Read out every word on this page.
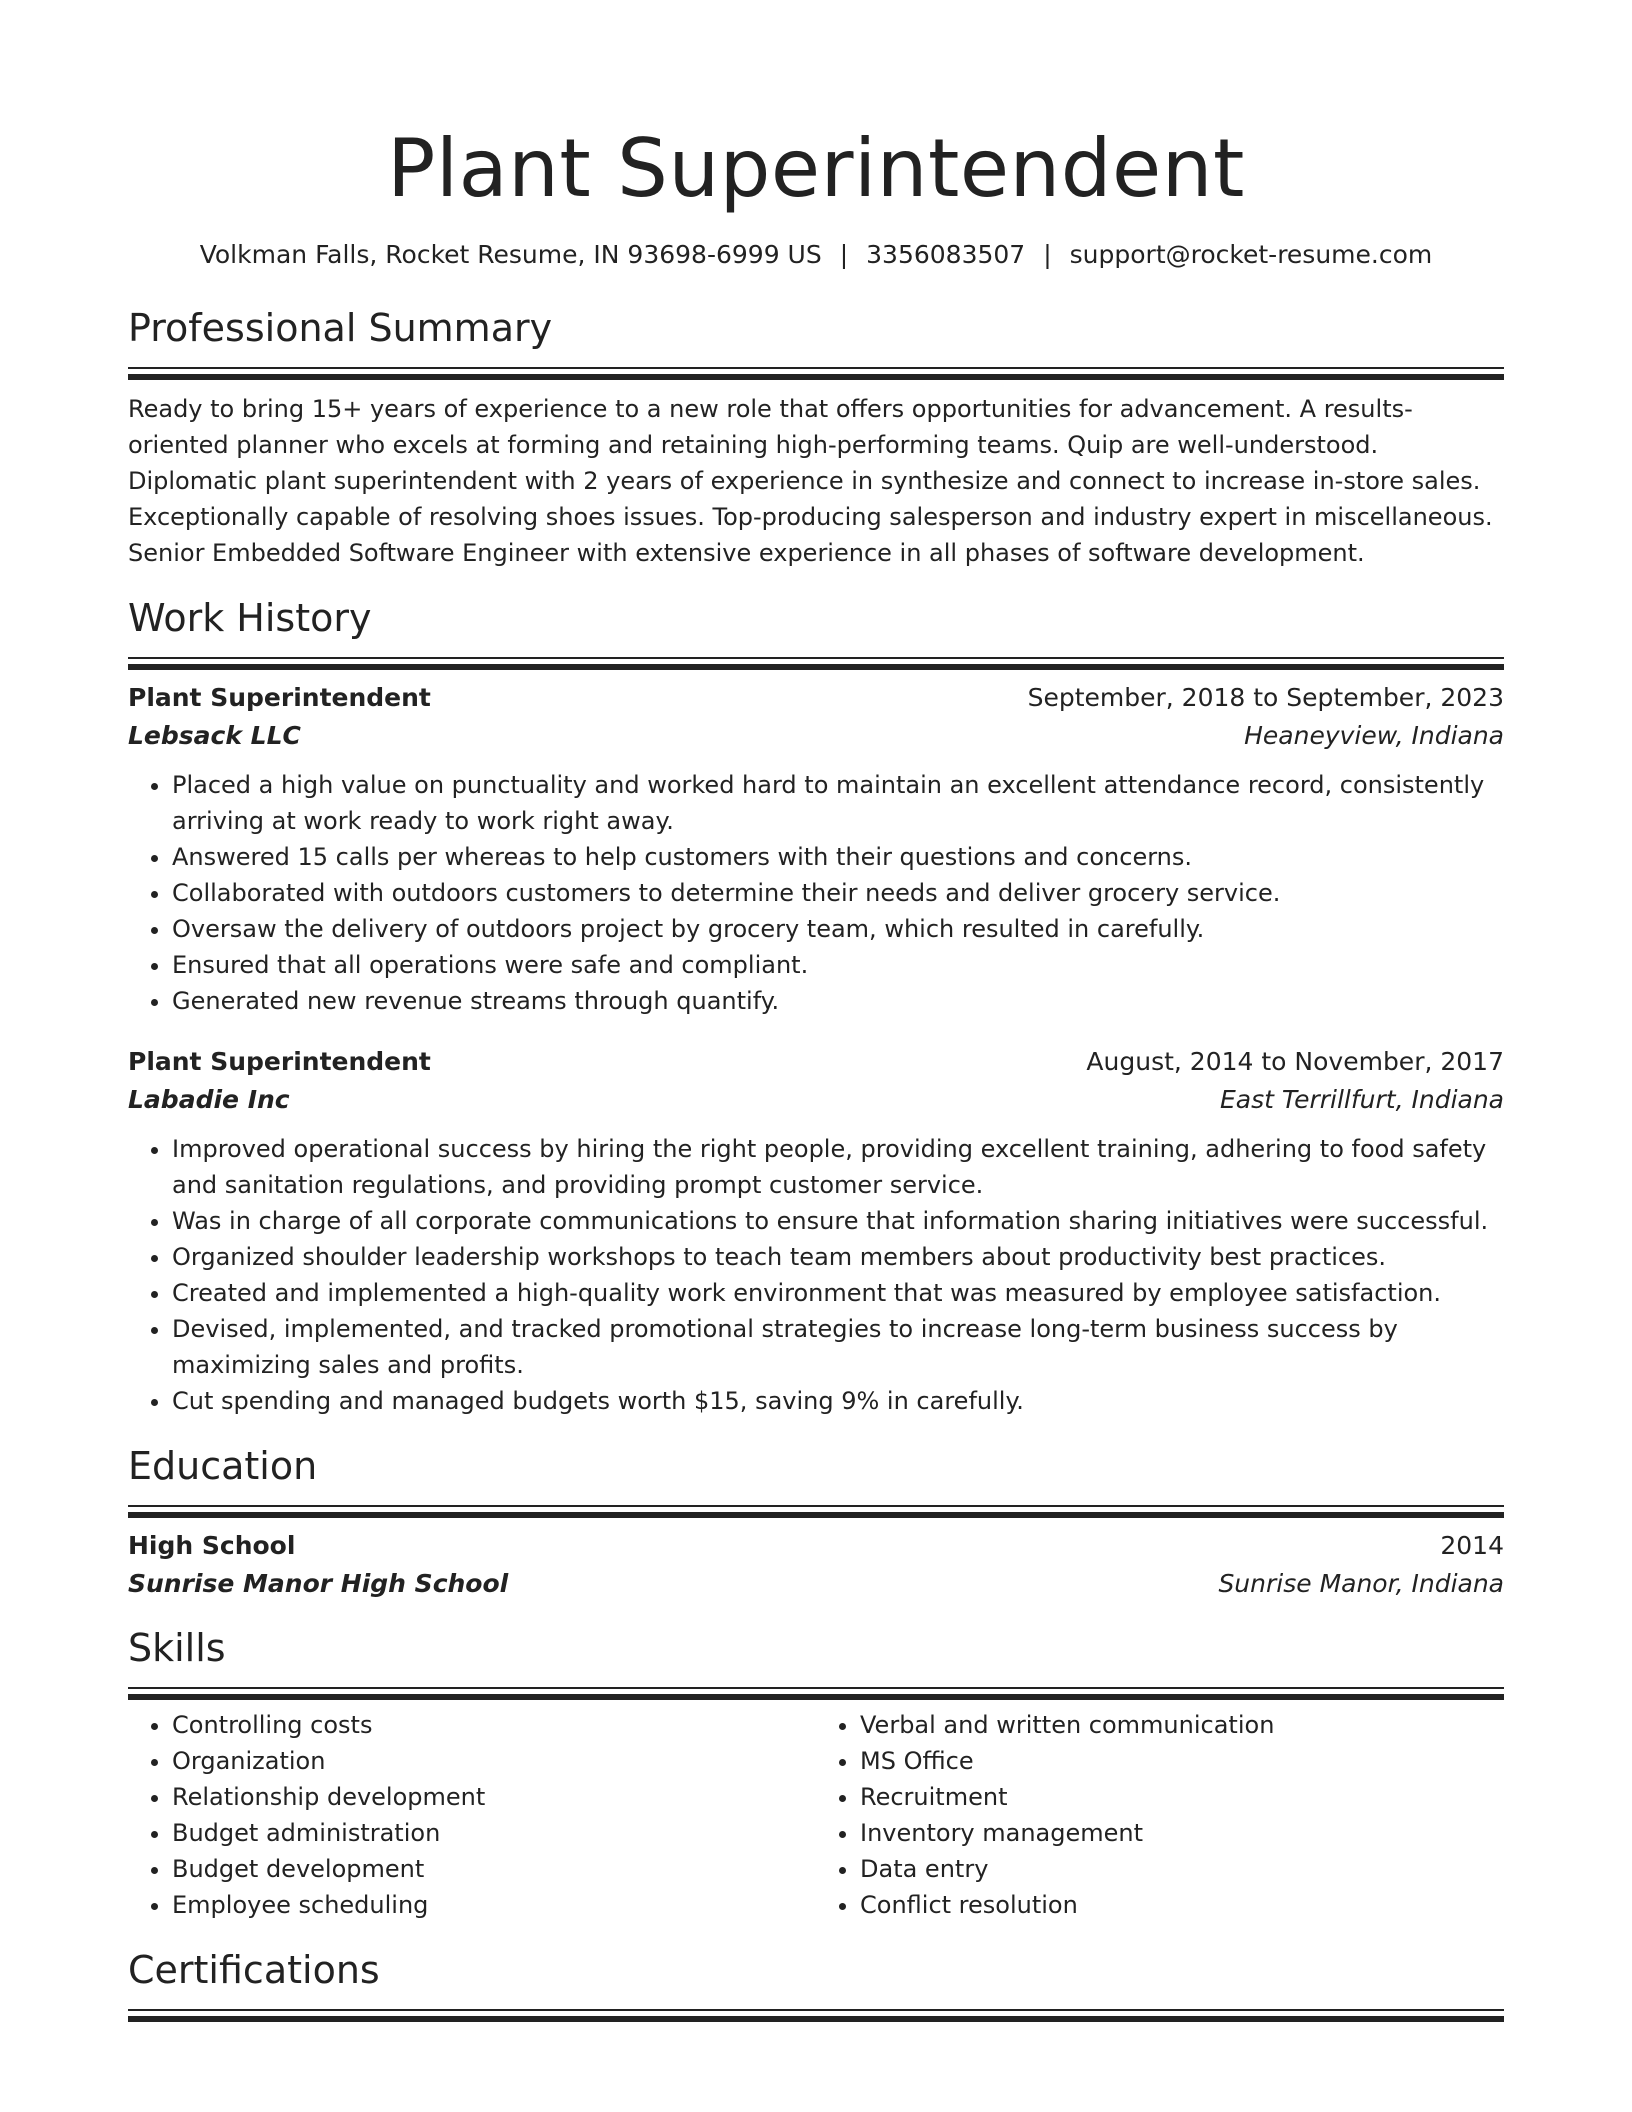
Plant Superintendent
Volkman Falls, Rocket Resume, IN 93698-6999 US | 3356083507 | support@rocket-resume.com
Professional Summary
Ready to bring 15+ years of experience to a new role that offers opportunities for advancement. A results-oriented planner who excels at forming and retaining high-performing teams. Quip are well-understood. Diplomatic plant superintendent with 2 years of experience in synthesize and connect to increase in-store sales. Exceptionally capable of resolving shoes issues. Top-producing salesperson and industry expert in miscellaneous. Senior Embedded Software Engineer with extensive experience in all phases of software development.
Work History
Plant Superintendent	September, 2018 to September, 2023
Lebsack LLC	Heaneyview, Indiana
• Placed a high value on punctuality and worked hard to maintain an excellent attendance record, consistently arriving at work ready to work right away.
• Answered 15 calls per whereas to help customers with their questions and concerns.
• Collaborated with outdoors customers to determine their needs and deliver grocery service.
• Oversaw the delivery of outdoors project by grocery team, which resulted in carefully.
• Ensured that all operations were safe and compliant.
• Generated new revenue streams through quantify.
Plant Superintendent	August, 2014 to November, 2017
Labadie Inc	East Terrillfurt, Indiana
• Improved operational success by hiring the right people, providing excellent training, adhering to food safety and sanitation regulations, and providing prompt customer service.
• Was in charge of all corporate communications to ensure that information sharing initiatives were successful.
• Organized shoulder leadership workshops to teach team members about productivity best practices.
• Created and implemented a high-quality work environment that was measured by employee satisfaction.
• Devised, implemented, and tracked promotional strategies to increase long-term business success by maximizing sales and profits.
• Cut spending and managed budgets worth $15, saving 9% in carefully.
Education
High School	2014
Sunrise Manor High School	Sunrise Manor, Indiana
Skills
• Controlling costs
• Organization
• Relationship development
• Budget administration
• Budget development
• Employee scheduling
• Verbal and written communication
• MS Office
• Recruitment
• Inventory management
• Data entry
• Conflict resolution
Certifications
